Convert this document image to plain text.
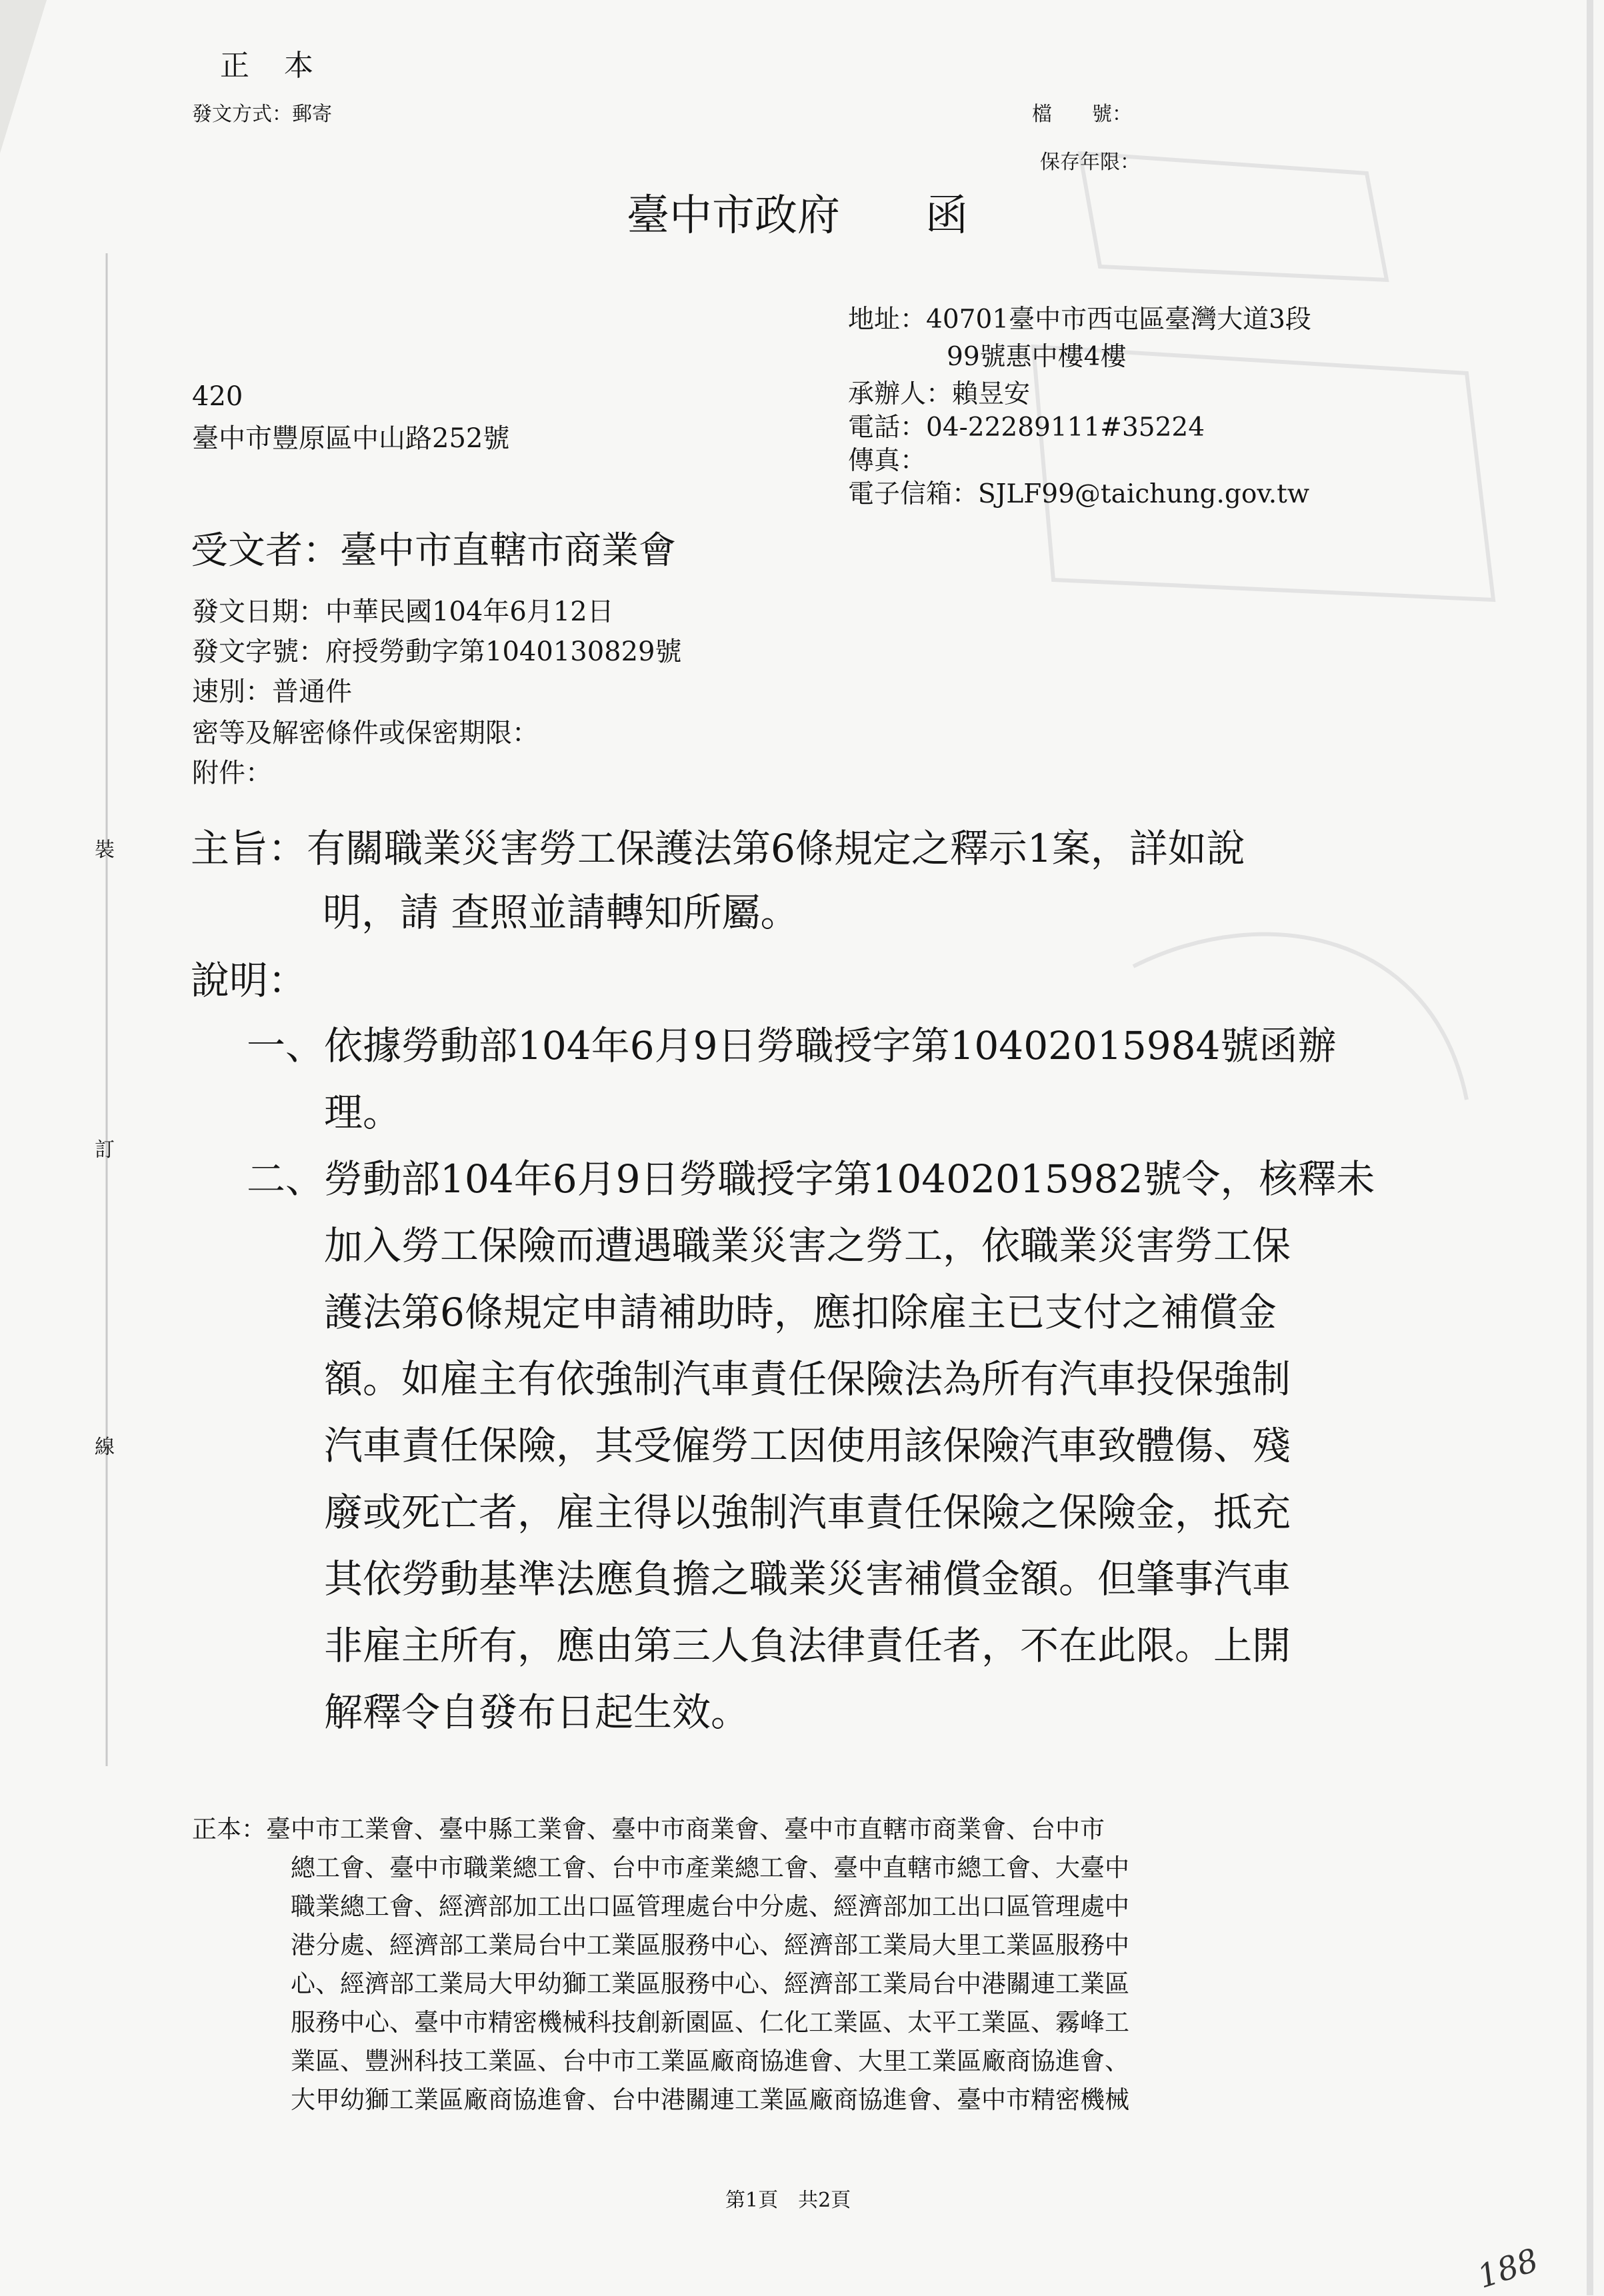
正　本
發文方式：郵寄	檔　　號：
保存年限：
臺中市政府　　函
地址：40701臺中市西屯區臺灣大道3段
99號惠中樓4樓
承辦人：賴昱安
電話：04-22289111#35224
傳真：
電子信箱：SJLF99@taichung.gov.tw
420
臺中市豐原區中山路252號
受文者：臺中市直轄市商業會
發文日期：中華民國104年6月12日
發文字號：府授勞動字第1040130829號
速別：普通件
密等及解密條件或保密期限：
附件：
裝
訂
線
主旨：有關職業災害勞工保護法第6條規定之釋示1案，詳如說
明，請 查照並請轉知所屬。
說明：
一、依據勞動部104年6月9日勞職授字第10402015984號函辦
理。
二、勞動部104年6月9日勞職授字第10402015982號令，核釋未
加入勞工保險而遭遇職業災害之勞工，依職業災害勞工保
護法第6條規定申請補助時，應扣除雇主已支付之補償金
額。如雇主有依強制汽車責任保險法為所有汽車投保強制
汽車責任保險，其受僱勞工因使用該保險汽車致體傷、殘
廢或死亡者，雇主得以強制汽車責任保險之保險金，抵充
其依勞動基準法應負擔之職業災害補償金額。但肇事汽車
非雇主所有，應由第三人負法律責任者，不在此限。上開
解釋令自發布日起生效。
正本：臺中市工業會、臺中縣工業會、臺中市商業會、臺中市直轄市商業會、台中市
總工會、臺中市職業總工會、台中市產業總工會、臺中直轄市總工會、大臺中
職業總工會、經濟部加工出口區管理處台中分處、經濟部加工出口區管理處中
港分處、經濟部工業局台中工業區服務中心、經濟部工業局大里工業區服務中
心、經濟部工業局大甲幼獅工業區服務中心、經濟部工業局台中港關連工業區
服務中心、臺中市精密機械科技創新園區、仁化工業區、太平工業區、霧峰工
業區、豐洲科技工業區、台中市工業區廠商協進會、大里工業區廠商協進會、
大甲幼獅工業區廠商協進會、台中港關連工業區廠商協進會、臺中市精密機械
第1頁　共2頁
188
